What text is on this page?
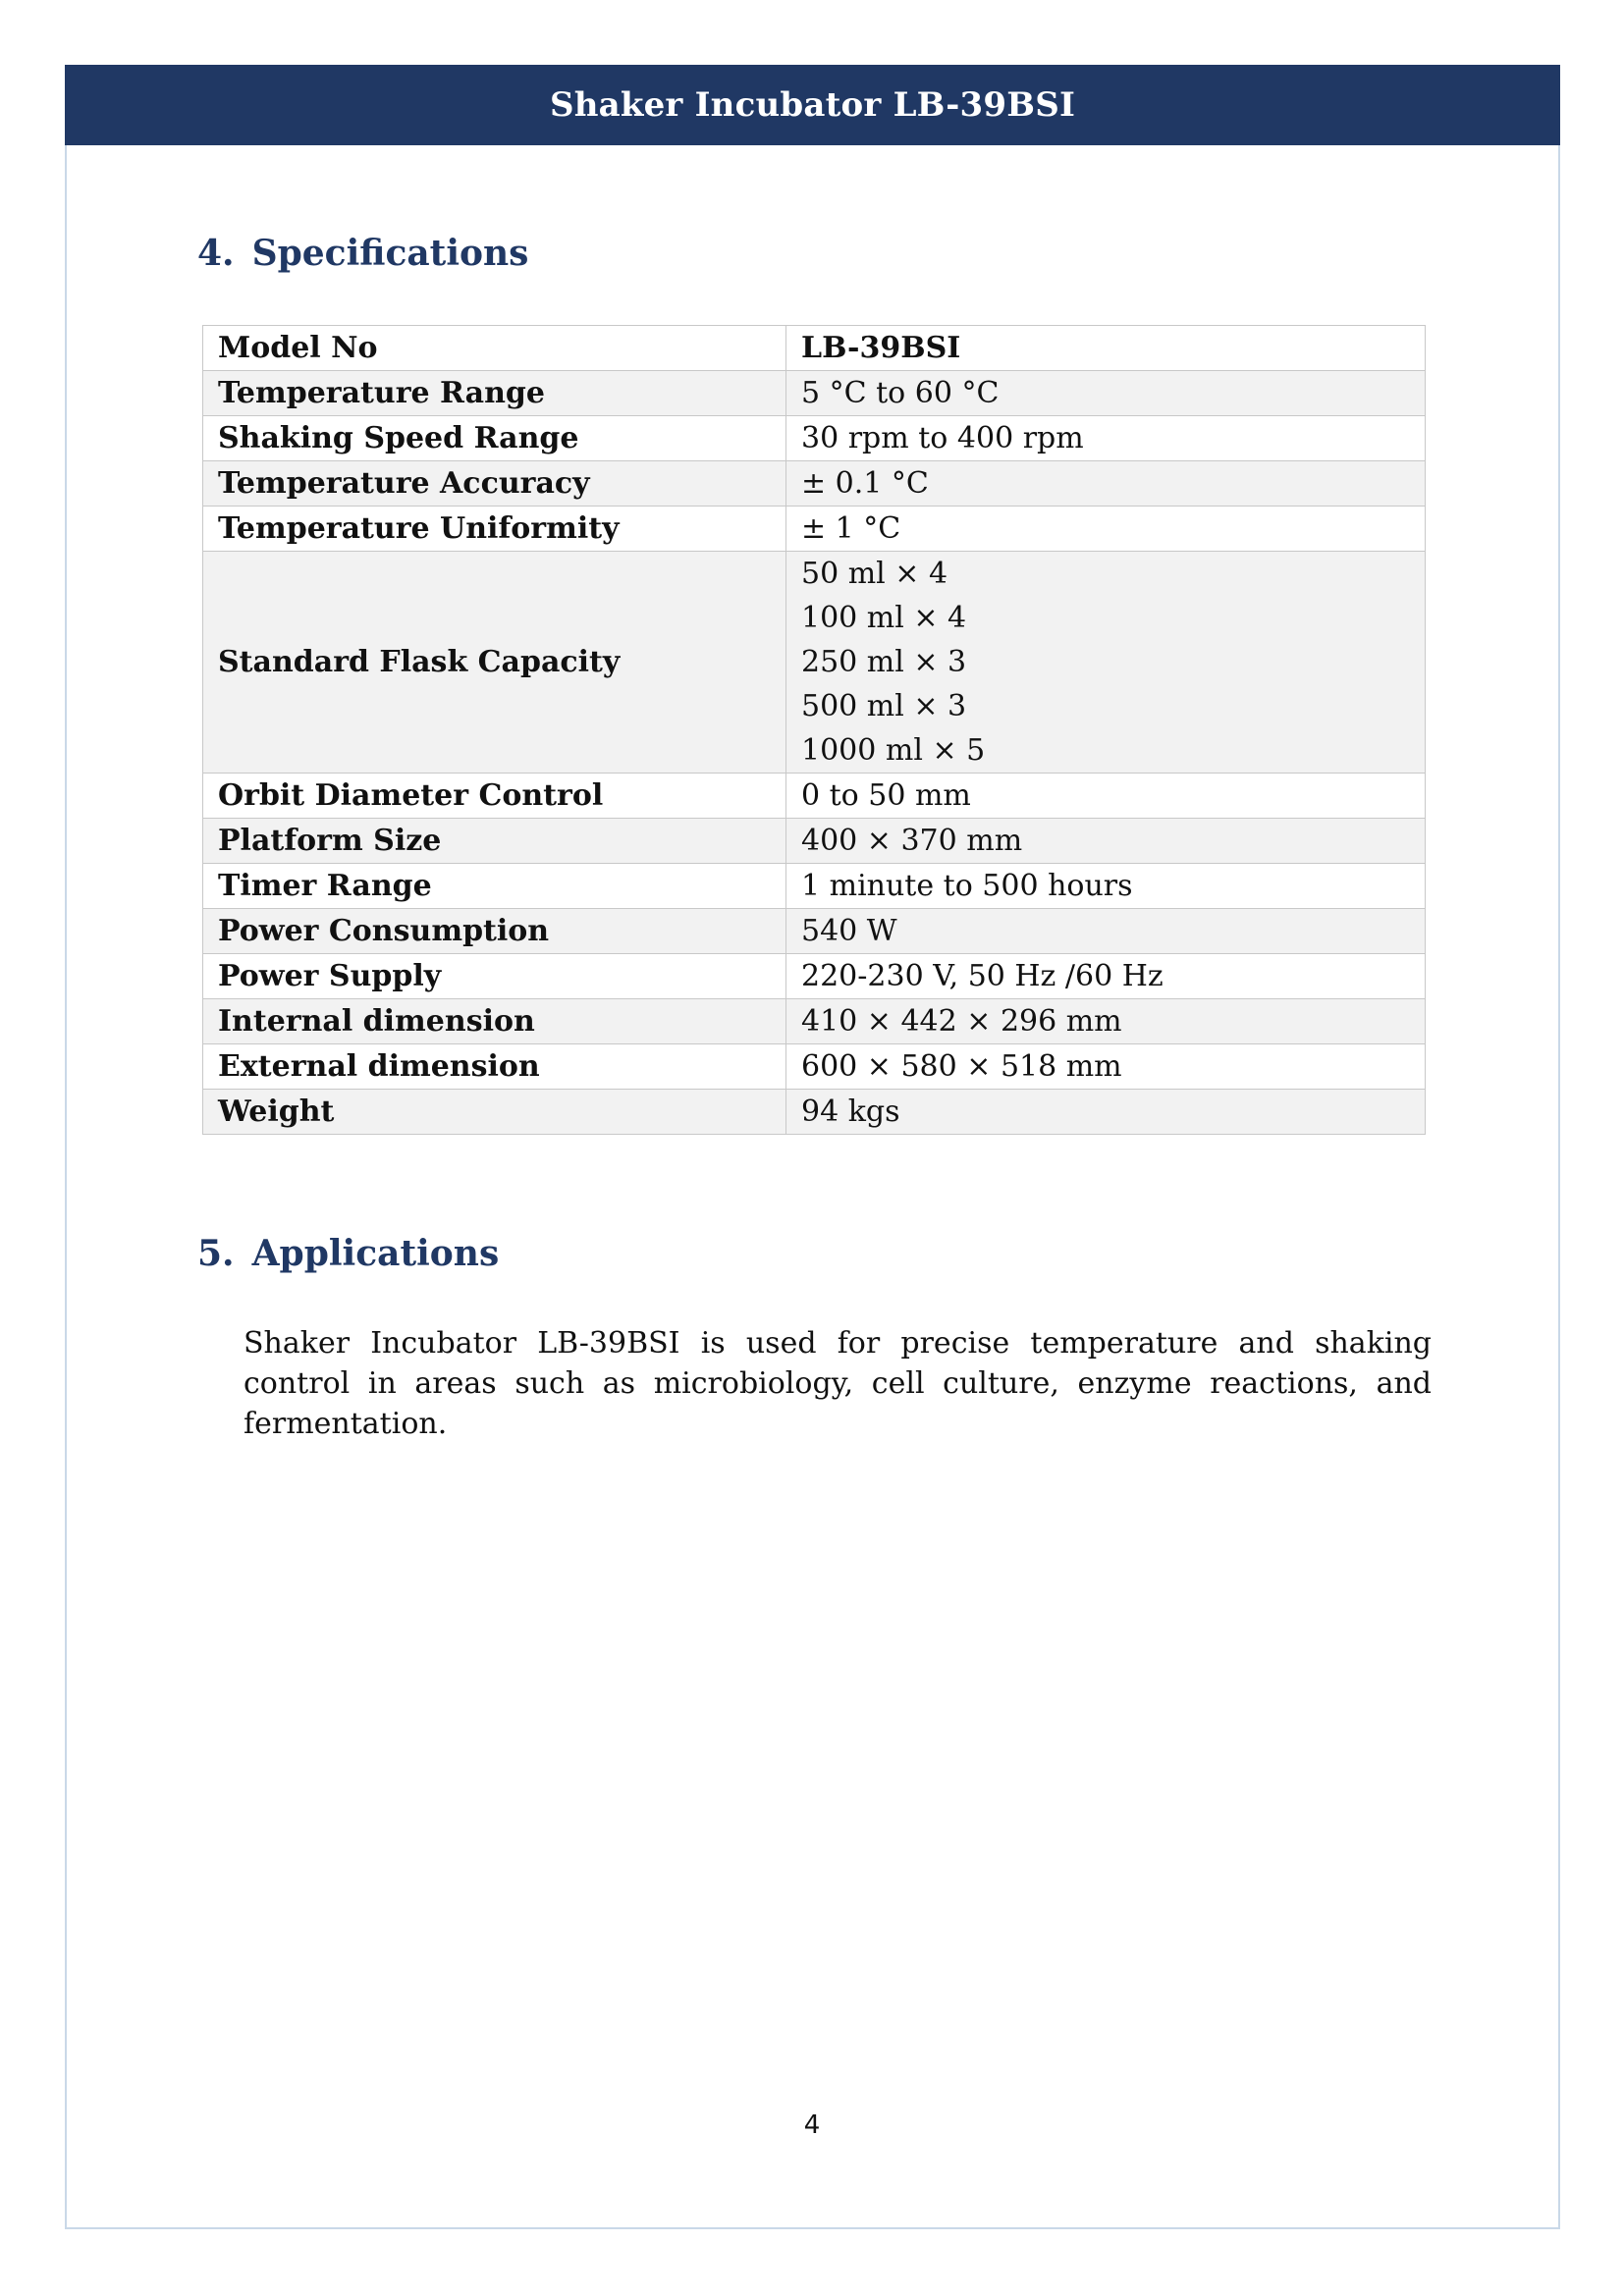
Shaker Incubator LB-39BSI
4. Specifications
Model No	LB-39BSI
Temperature Range	5 °C to 60 °C
Shaking Speed Range	30 rpm to 400 rpm
Temperature Accuracy	± 0.1 °C
Temperature Uniformity	± 1 °C
Standard Flask Capacity	50 ml × 4
100 ml × 4
250 ml × 3
500 ml × 3
1000 ml × 5

Orbit Diameter Control	0 to 50 mm
Platform Size	400 × 370 mm
Timer Range	1 minute to 500 hours
Power Consumption	540 W
Power Supply	220-230 V, 50 Hz /60 Hz
Internal dimension	410 × 442 × 296 mm
External dimension	600 × 580 × 518 mm
Weight	94 kgs
5. Applications
Shaker Incubator LB-39BSI is used for precise temperature and shaking control in areas such as microbiology, cell culture, enzyme reactions, and fermentation.
4
